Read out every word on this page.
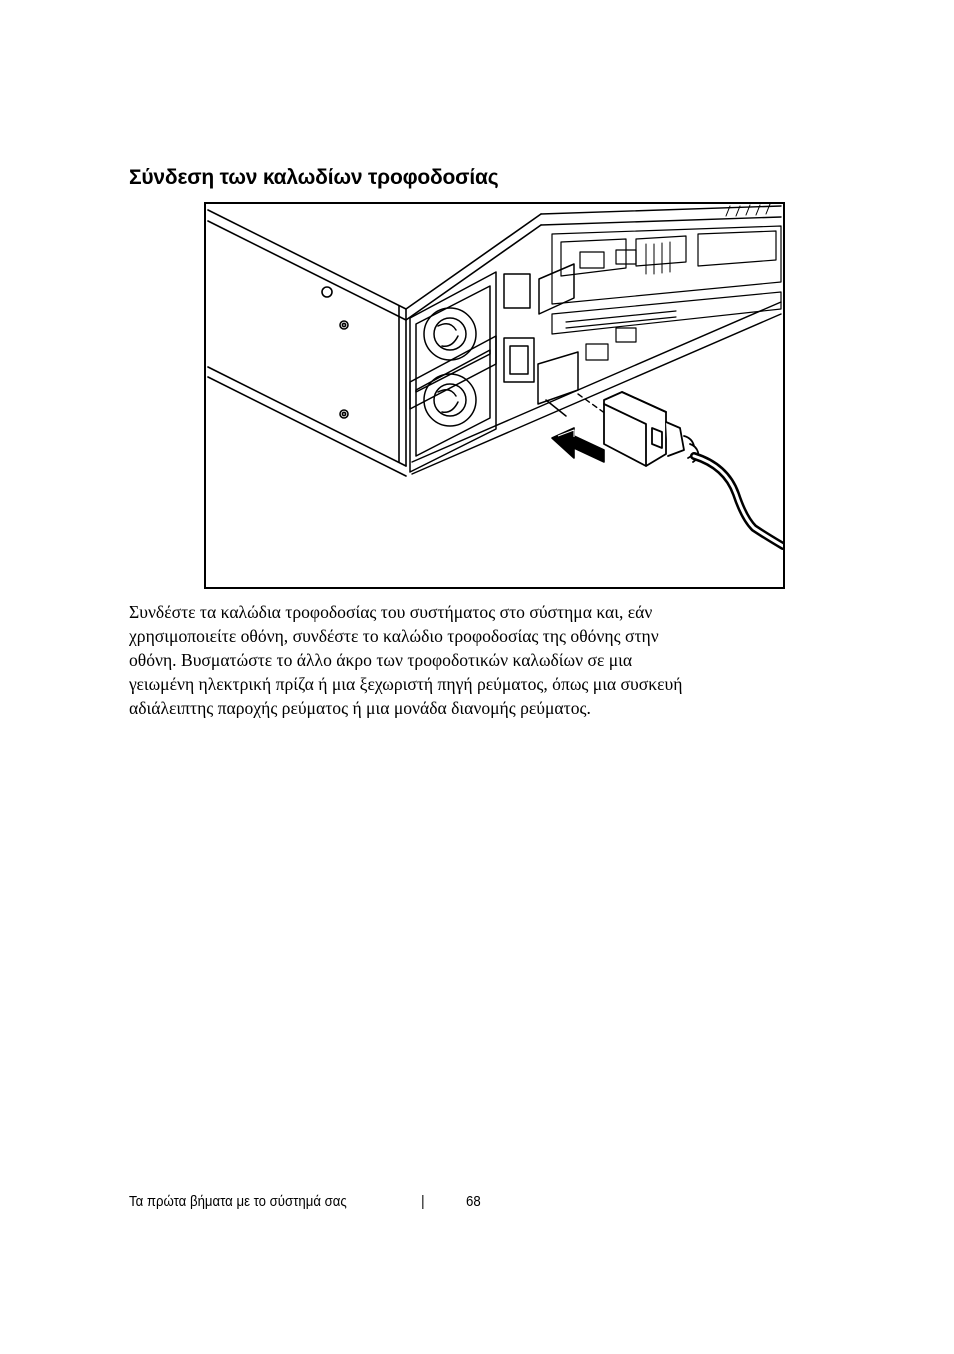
Σύνδεση των καλωδίων τροφοδοσίας

Συνδέστε τα καλώδια τροφοδοσίας του συστήματος στο σύστημα και, εάν
χρησιμοποιείτε οθόνη, συνδέστε το καλώδιο τροφοδοσίας της οθόνης στην
οθόνη. Βυσματώστε το άλλο άκρο των τροφοδοτικών καλωδίων σε μια
γειωμένη ηλεκτρική πρίζα ή μια ξεχωριστή πηγή ρεύματος, όπως μια συσκευή
αδιάλειπτης παροχής ρεύματος ή μια μονάδα διανομής ρεύματος.

Τα πρώτα βήματα με το σύστημά σας	|	68
